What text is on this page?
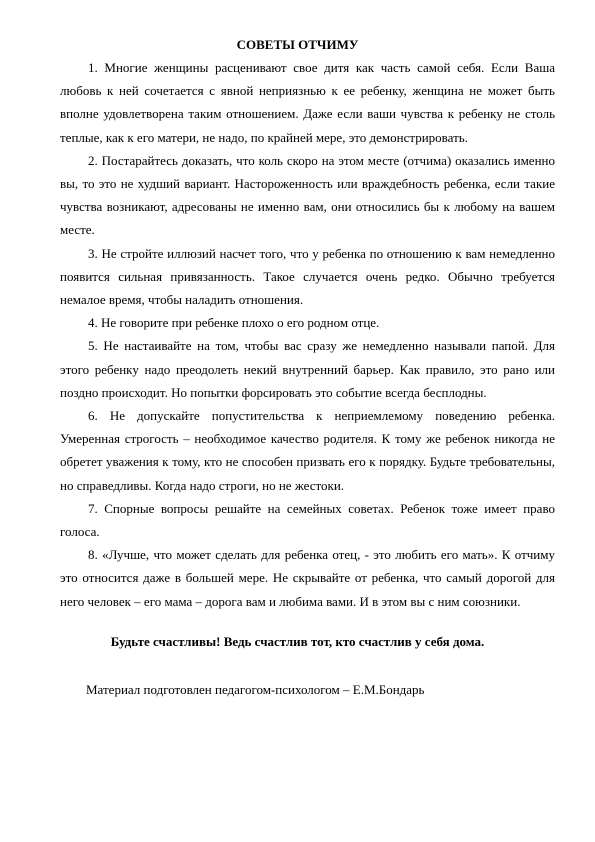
СОВЕТЫ ОТЧИМУ

1. Многие женщины расценивают свое дитя как часть самой себя. Если Ваша любовь к ней сочетается с явной неприязнью к ее ребенку, женщина не может быть вполне удовлетворена таким отношением. Даже если ваши чувства к ребенку не столь теплые, как к его матери, не надо, по крайней мере, это демонстрировать.

2. Постарайтесь доказать, что коль скоро на этом месте (отчима) оказались именно вы, то это не худший вариант. Настороженность или враждебность ребенка, если такие чувства возникают, адресованы не именно вам, они относились бы к любому на вашем месте.

3. Не стройте иллюзий насчет того, что у ребенка по отношению к вам немедленно появится сильная привязанность. Такое случается очень редко. Обычно требуется немалое время, чтобы наладить отношения.

4. Не говорите при ребенке плохо о его родном отце.

5. Не настаивайте на том, чтобы вас сразу же немедленно называли папой. Для этого ребенку надо преодолеть некий внутренний барьер. Как правило, это рано или поздно происходит. Но попытки форсировать это событие всегда бесплодны.

6. Не допускайте попустительства к неприемлемому поведению ребенка. Умеренная строгость – необходимое качество родителя. К тому же ребенок никогда не обретет уважения к тому, кто не способен призвать его к порядку. Будьте требовательны, но справедливы. Когда надо строги, но не жестоки.

7. Спорные вопросы решайте на семейных советах. Ребенок тоже имеет право голоса.

8. «Лучше, что может сделать для ребенка отец, - это любить его мать». К отчиму это относится даже в большей мере. Не скрывайте от ребенка, что самый дорогой для него человек – его мама – дорога вам и любима вами. И в этом вы с ним союзники.

Будьте счастливы! Ведь счастлив тот, кто счастлив у себя дома.

Материал подготовлен педагогом-психологом – Е.М.Бондарь
